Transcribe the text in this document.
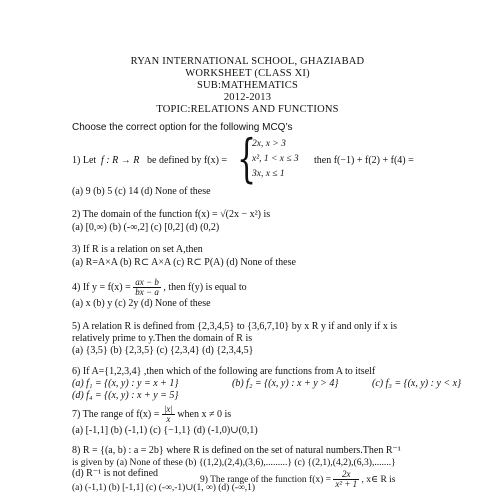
RYAN INTERNATIONAL SCHOOL, GHAZIABAD
WORKSHEET (CLASS XI)
SUB:MATHEMATICS
2012-2013
TOPIC:RELATIONS AND FUNCTIONS
Choose the correct option for the following MCQ’s
1) Let f : R → R be defined by f(x) = {
2x, x > 3
x², 1 < x ≤ 3
3x, x ≤ 1
then f(−1) + f(2) + f(4) =
(a) 9 (b) 5 (c) 14 (d) None of these
2) The domain of the function f(x) = √(2x − x²) is
(a) [0,∞) (b) (-∞,2] (c) [0,2] (d) (0,2)
3) If R is a relation on set A,then
(a) R=A×A (b) R⊂ A×A (c) R⊂ P(A) (d) None of these
4) If $y = f(x) = \frac{ax - b}{bx - a}$ , then f(y) is equal to
(a) x (b) y (c) 2y (d) None of these
5) A relation R is defined from {2,3,4,5} to {3,6,7,10} by x R y if and only if x is
relatively prime to y.Then the domain of R is
(a) {3,5} (b) {2,3,5} (c) {2,3,4} (d) {2,3,4,5}
6) If A={1,2,3,4} ,then which of the following are functions from A to itself
(a) f₁ = {(x, y) : y = x + 1}	(b) f₂ = {(x, y) : x + y > 4}	(c) f₃ = {(x, y) : y < x}
(d) f₄ = {(x, y) : x + y = 5}
7) The range of $f(x) = \frac{|x|}{x}$ when x ≠ 0 is
(a) [-1,1] (b) (-1,1) (c) {−1,1} (d) (-1,0)∪(0,1)
8) R = {(a, b) : a = 2b} where R is defined on the set of natural numbers.Then R⁻¹
is given by (a) None of these (b) {(1,2),(2,4),(3,6),.........} (c) {(2,1),(4,2),(6,3),.......}
(d) R⁻¹ is not defined
9) The range of the function $f(x) = \frac{2x}{\text{x² + 1}}$ , x∈ R is
(a) (-1,1) (b) [-1,1] (c) (-∞,-1)∪(1, ∞) (d) (-∞,1)
